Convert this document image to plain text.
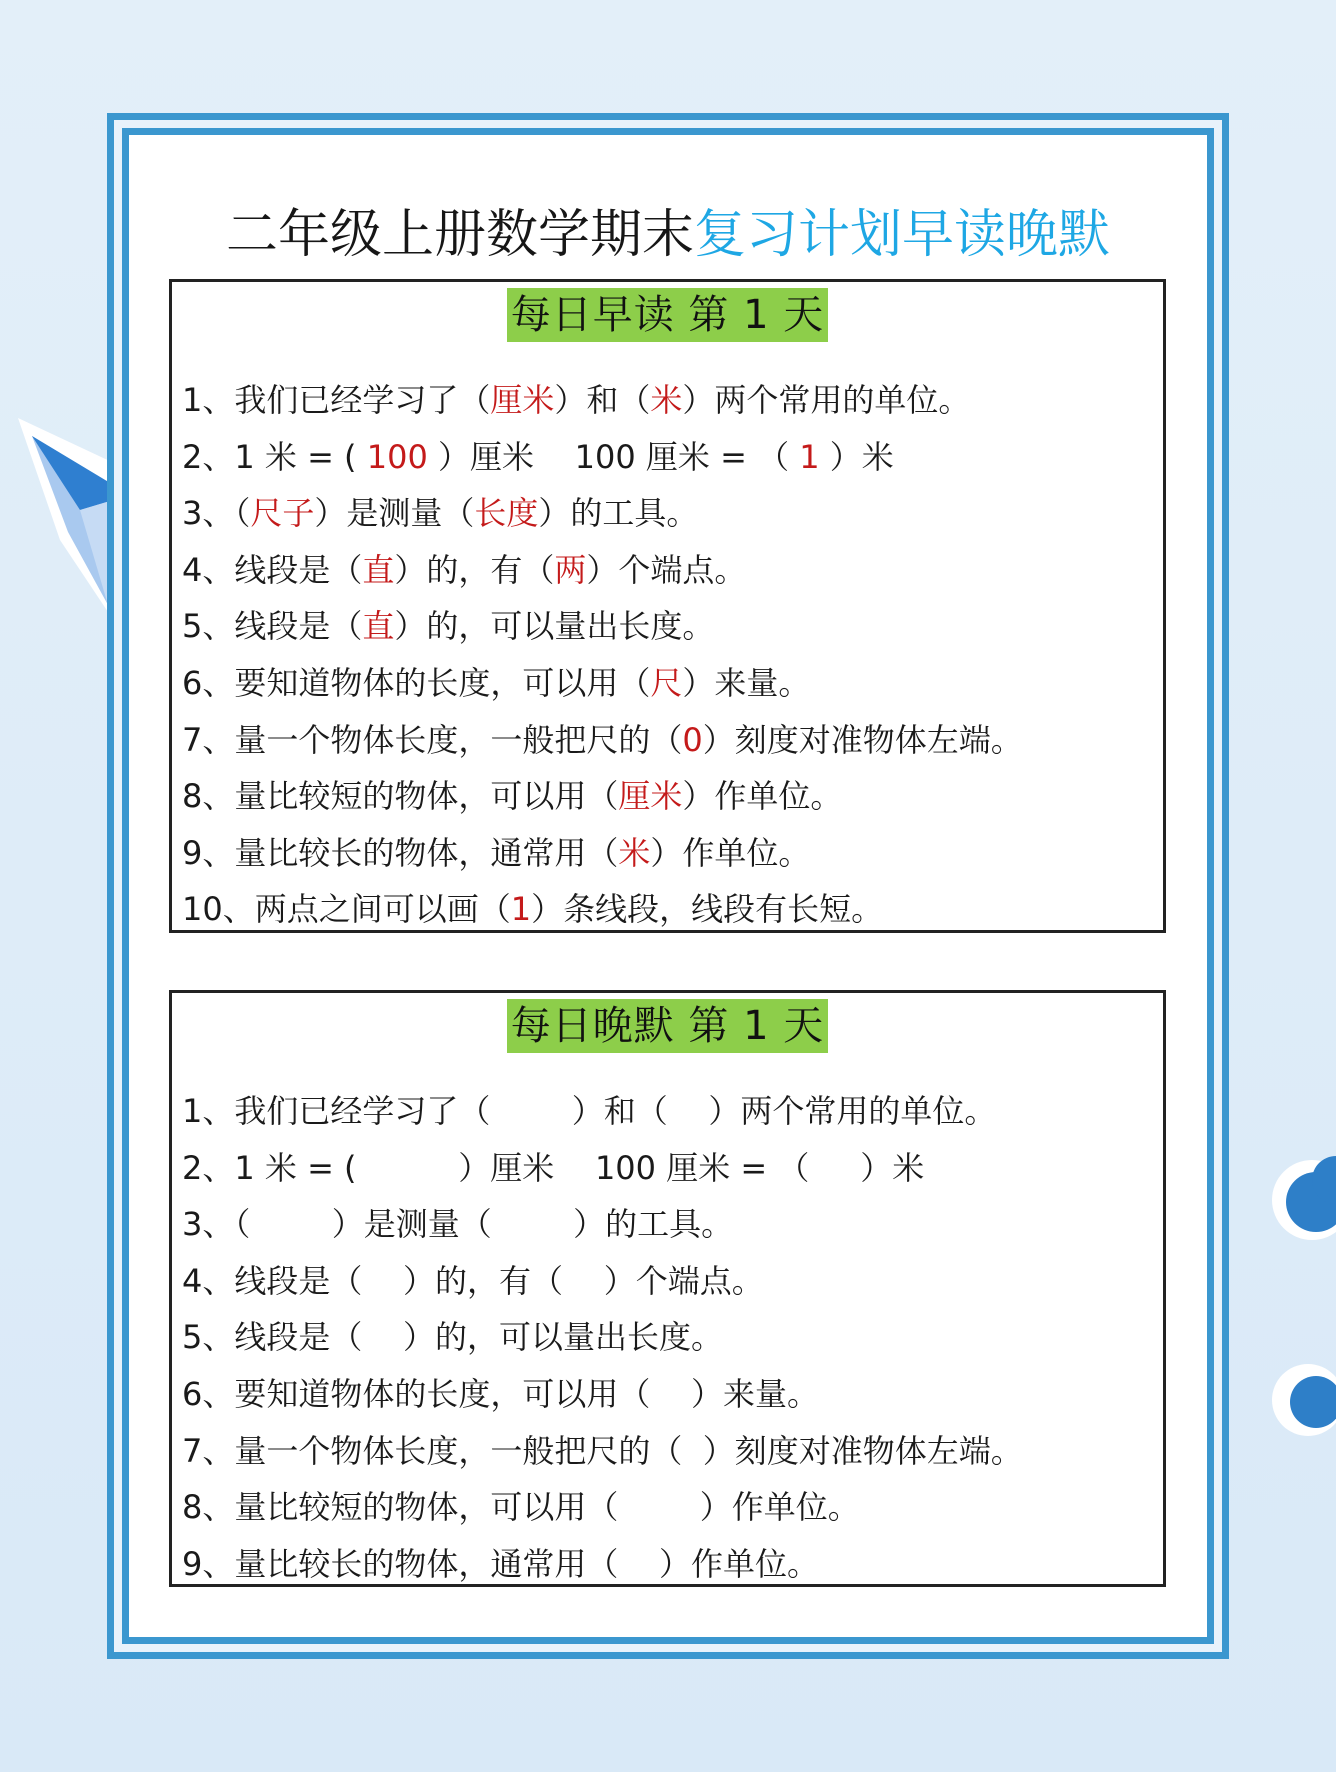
二年级上册数学期末复习计划早读晚默
每日早读 第 1 天
1、我们已经学习了（厘米）和（米）两个常用的单位。
2、1 米 = ( 100 ）厘米    100 厘米 = （ 1 ）米
3、（尺子）是测量（长度）的工具。
4、线段是（直）的，有（两）个端点。
5、线段是（直）的，可以量出长度。
6、要知道物体的长度，可以用（尺）来量。
7、量一个物体长度，一般把尺的（0）刻度对准物体左端。
8、量比较短的物体，可以用（厘米）作单位。
9、量比较长的物体，通常用（米）作单位。
10、两点之间可以画（1）条线段，线段有长短。
每日晚默 第 1 天
1、我们已经学习了（        ）和（    ）两个常用的单位。
2、1 米 = (          ）厘米    100 厘米 = （     ）米
3、（        ）是测量（        ）的工具。
4、线段是（    ）的，有（    ）个端点。
5、线段是（    ）的，可以量出长度。
6、要知道物体的长度，可以用（    ）来量。
7、量一个物体长度，一般把尺的（  ）刻度对准物体左端。
8、量比较短的物体，可以用（        ）作单位。
9、量比较长的物体，通常用（    ）作单位。
